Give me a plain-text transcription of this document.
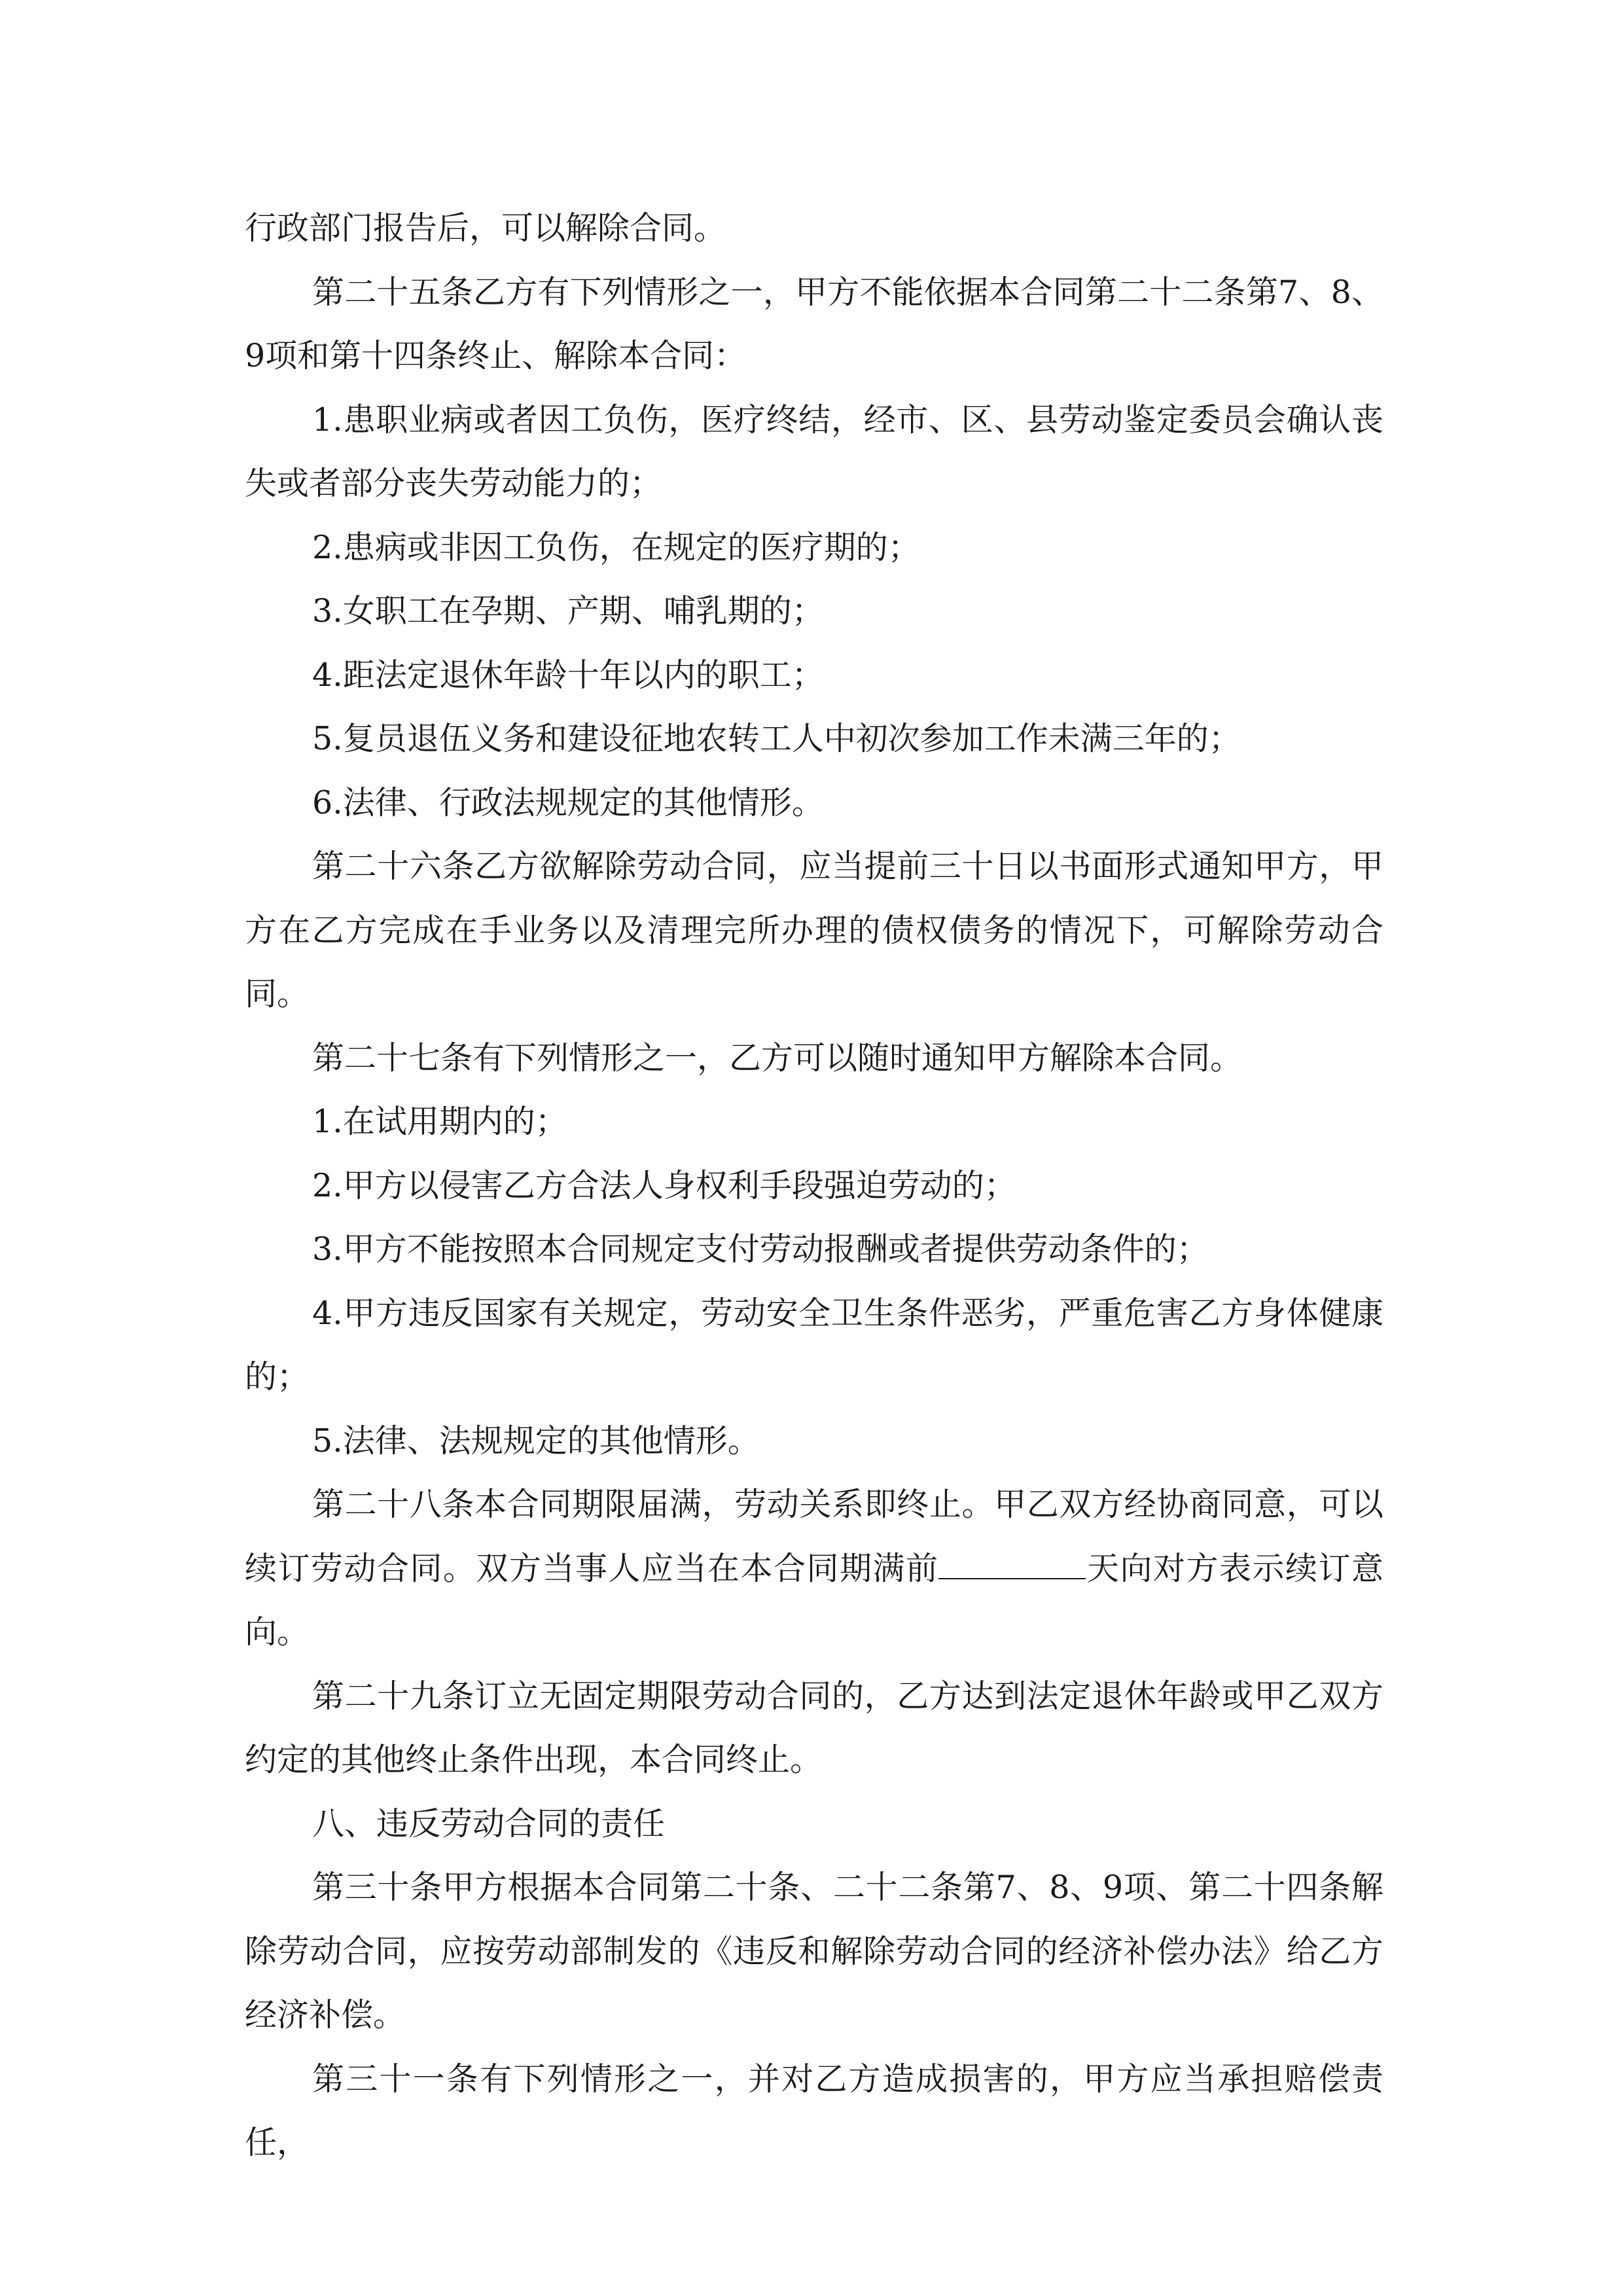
行政部门报告后，可以解除合同。

第二十五条乙方有下列情形之一，甲方不能依据本合同第二十二条第7、8、9项和第十四条终止、解除本合同：

1.患职业病或者因工负伤，医疗终结，经市、区、县劳动鉴定委员会确认丧失或者部分丧失劳动能力的；

2.患病或非因工负伤，在规定的医疗期的；

3.女职工在孕期、产期、哺乳期的；

4.距法定退休年龄十年以内的职工；

5.复员退伍义务和建设征地农转工人中初次参加工作未满三年的；

6.法律、行政法规规定的其他情形。

第二十六条乙方欲解除劳动合同，应当提前三十日以书面形式通知甲方，甲方在乙方完成在手业务以及清理完所办理的债权债务的情况下，可解除劳动合同。

第二十七条有下列情形之一，乙方可以随时通知甲方解除本合同。

1.在试用期内的；

2.甲方以侵害乙方合法人身权利手段强迫劳动的；

3.甲方不能按照本合同规定支付劳动报酬或者提供劳动条件的；

4.甲方违反国家有关规定，劳动安全卫生条件恶劣，严重危害乙方身体健康的；

5.法律、法规规定的其他情形。

第二十八条本合同期限届满，劳动关系即终止。甲乙双方经协商同意，可以续订劳动合同。双方当事人应当在本合同期满前	天向对方表示续订意向。

第二十九条订立无固定期限劳动合同的，乙方达到法定退休年龄或甲乙双方约定的其他终止条件出现，本合同终止。

八、违反劳动合同的责任

第三十条甲方根据本合同第二十条、二十二条第7、8、9项、第二十四条解除劳动合同，应按劳动部制发的《违反和解除劳动合同的经济补偿办法》给乙方经济补偿。

第三十一条有下列情形之一，并对乙方造成损害的，甲方应当承担赔偿责任，
